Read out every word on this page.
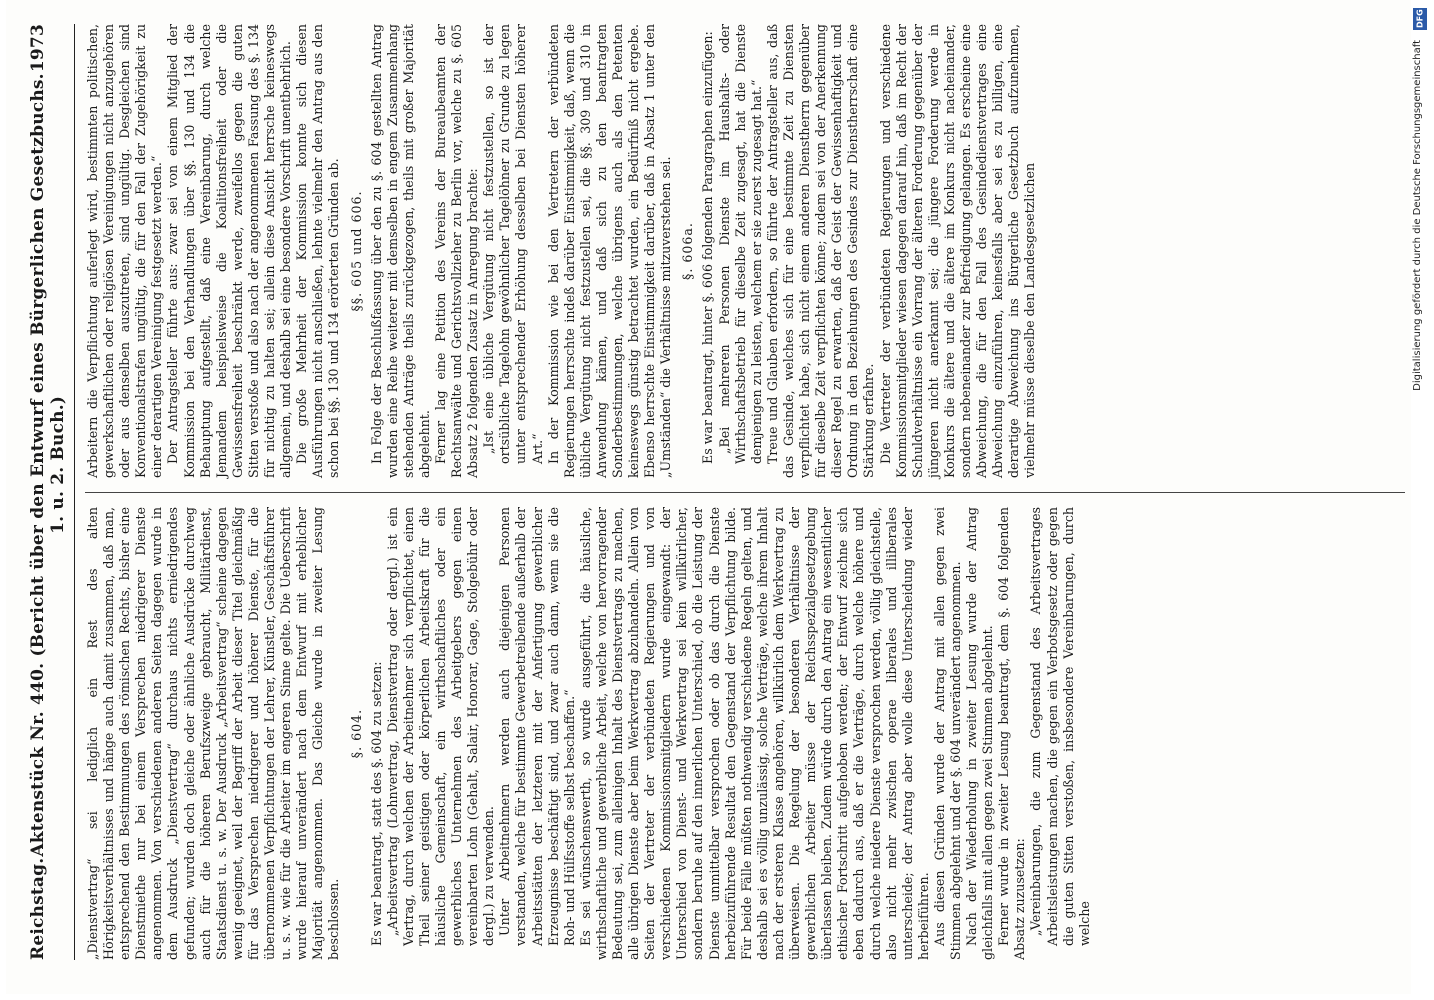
Reichstag.
Aktenstück Nr. 440. (Bericht über den Entwurf eines Bürgerlichen Gesetzbuchs. 1. u. 2. Buch.)
1973

„Dienstvertrag“ sei lediglich ein Rest des alten Hörigkeitsverhältnisses und hänge auch damit zusammen, daß man, entsprechend den Bestimmungen des römischen Rechts, bisher eine Dienstmiethe nur bei einem Versprechen niedrigerer Dienste angenommen. Von verschiedenen anderen Seiten dagegen wurde in dem Ausdruck „Dienstvertrag“ durchaus nichts erniedrigendes gefunden; wurden doch gleiche oder ähnliche Ausdrücke durchweg auch für die höheren Berufszweige gebraucht, Militärdienst, Staatsdienst u. s. w. Der Ausdruck „Arbeitsvertrag“ scheine dagegen wenig geeignet, weil der Begriff der Arbeit dieser Titel gleichmäßig für das Versprechen niedrigerer und höherer Dienste, für die übernommenen Verpflichtungen der Lehrer, Künstler, Geschäftsführer u. s. w. wie für die Arbeiter im engeren Sinne gelte. Die Ueberschrift wurde hierauf unverändert nach dem Entwurf mit erheblicher Majorität angenommen. Das Gleiche wurde in zweiter Lesung beschlossen.

§. 604. Es war beantragt, statt des §. 604 zu setzen: „Arbeitsvertrag (Lohnvertrag, Dienstvertrag oder dergl.) ist ein Vertrag, durch welchen der Arbeitnehmer sich verpflichtet, einen Theil seiner geistigen oder körperlichen Arbeitskraft für die häusliche Gemeinschaft, ein wirthschaftliches oder ein gewerbliches Unternehmen des Arbeitgebers gegen einen vereinbarten Lohn (Gehalt, Salair, Honorar, Gage, Stolgebühr oder dergl.) zu verwenden. Unter Arbeitnehmern werden auch diejenigen Personen verstanden, welche für bestimmte Gewerbetreibende außerhalb der Arbeitsstätten der letzteren mit der Anfertigung gewerblicher Erzeugnisse beschäftigt sind, und zwar auch dann, wenn sie die Roh- und Hülfsstoffe selbst beschaffen.“ Es sei wünschenswerth, so wurde ausgeführt, die häusliche, wirthschaftliche und gewerbliche Arbeit, welche von hervorragender Bedeutung sei, zum alleinigen Inhalt des Dienstvertrags zu machen, alle übrigen Dienste aber beim Werkvertrag abzuhandeln. Allein von Seiten der Vertreter der verbündeten Regierungen und von verschiedenen Kommissionsmitgliedern wurde eingewandt: der Unterschied von Dienst- und Werkvertrag sei kein willkürlicher, sondern beruhe auf den innerlichen Unterschied, ob die Leistung der Dienste unmittelbar versprochen oder ob das durch die Dienste herbeizuführende Resultat den Gegenstand der Verpflichtung bilde. Für beide Fälle müßten nothwendig verschiedene Regeln gelten, und deshalb sei es völlig unzulässig, solche Verträge, welche ihrem Inhalt nach der ersteren Klasse angehören, willkürlich dem Werkvertrag zu überweisen. Die Regelung der besonderen Verhältnisse der gewerblichen Arbeiter müsse der Reichsspezialgesetzgebung überlassen bleiben. Zudem würde durch den Antrag ein wesentlicher ethischer Fortschritt aufgehoben werden; der Entwurf zeichne sich eben dadurch aus, daß er die Verträge, durch welche höhere und durch welche niedere Dienste versprochen werden, völlig gleichstelle, also nicht mehr zwischen operae liberales und illiberales unterscheide; der Antrag aber wolle diese Unterscheidung wieder herbeiführen. Aus diesen Gründen wurde der Antrag mit allen gegen zwei Stimmen abgelehnt und der §. 604 unverändert angenommen. Nach der Wiederholung in zweiter Lesung wurde der Antrag gleichfalls mit allen gegen zwei Stimmen abgelehnt. Ferner wurde in zweiter Lesung beantragt, dem §. 604 folgenden Absatz zuzusetzen: „Vereinbarungen, die zum Gegenstand des Arbeitsvertrages Arbeitsleistungen machen, die gegen ein Verbotsgesetz oder gegen die guten Sitten verstoßen, insbesondere Vereinbarungen, durch welche

Arbeitern die Verpflichtung auferlegt wird, bestimmten politischen, gewerkschaftlichen oder religiösen Vereinigungen nicht anzugehören oder aus denselben auszutreten, sind ungültig. Desgleichen sind Konventionalstrafen ungültig, die für den Fall der Zugehörigkeit zu einer derartigen Vereinigung festgesetzt werden.“ Der Antragsteller führte aus: zwar sei von einem Mitglied der Kommission bei den Verhandlungen über §§. 130 und 134 die Behauptung aufgestellt, daß eine Vereinbarung, durch welche Jemandem beispielsweise die Koalitionsfreiheit oder die Gewissensfreiheit beschränkt werde, zweifellos gegen die guten Sitten verstoße und also nach der angenommenen Fassung des §. 134 für nichtig zu halten sei; allein diese Ansicht herrsche keineswegs allgemein, und deshalb sei eine besondere Vorschrift unentbehrlich. Die große Mehrheit der Kommission konnte sich diesen Ausführungen nicht anschließen, lehnte vielmehr den Antrag aus den schon bei §§. 130 und 134 erörterten Gründen ab. §§. 605 und 606. In Folge der Beschlußfassung über den zu §. 604 gestellten Antrag wurden eine Reihe weiterer mit demselben in engem Zusammenhang stehenden Anträge theils zurückgezogen, theils mit großer Majorität abgelehnt. Ferner lag eine Petition des Vereins der Bureaubeamten der Rechtsanwälte und Gerichtsvollzieher zu Berlin vor, welche zu §. 605 Absatz 2 folgenden Zusatz in Anregung brachte: „Ist eine übliche Vergütung nicht festzustellen, so ist der ortsübliche Tagelohn gewöhnlicher Tagelöhner zu Grunde zu legen unter entsprechender Erhöhung desselben bei Diensten höherer Art.“ In der Kommission wie bei den Vertretern der verbündeten Regierungen herrschte indeß darüber Einstimmigkeit, daß, wenn die übliche Vergütung nicht festzustellen sei, die §§. 309 und 310 in Anwendung kämen, und daß sich zu den beantragten Sonderbestimmungen, welche übrigens auch als den Petenten keineswegs günstig betrachtet wurden, ein Bedürfniß nicht ergebe. Ebenso herrschte Einstimmigkeit darüber, daß in Absatz 1 unter den „Umständen“ die Verhältnisse mitzuverstehen sei. §. 606a. Es war beantragt, hinter §. 606 folgenden Paragraphen einzufügen: „Bei mehreren Personen Dienste im Haushalts- oder Wirthschaftsbetrieb für dieselbe Zeit zugesagt, hat die Dienste demjenigen zu leisten, welchem er sie zuerst zugesagt hat.“ Treue und Glauben erfordern, so führte der Antragsteller aus, daß das Gesinde, welches sich für eine bestimmte Zeit zu Diensten verpflichtet habe, sich nicht einem anderen Dienstherrn gegenüber für dieselbe Zeit verpflichten könne; zudem sei von der Anerkennung dieser Regel zu erwarten, daß der Geist der Gewissenhaftigkeit und Ordnung in den Beziehungen des Gesindes zur Dienstherrschaft eine Stärkung erfahre. Die Vertreter der verbündeten Regierungen und verschiedene Kommissionsmitglieder wiesen dagegen darauf hin, daß im Recht der Schuldverhältnisse ein Vorrang der älteren Forderung gegenüber der jüngeren nicht anerkannt sei; die jüngere Forderung werde in Konkurs die ältere und die ältere im Konkurs nicht nacheinander, sondern nebeneinander zur Befriedigung gelangen. Es erscheine eine Abweichung, die für den Fall des Gesindedienstvertrages eine Abweichung einzuführen, keinesfalls aber sei es zu billigen, eine derartige Abweichung ins Bürgerliche Gesetzbuch aufzunehmen, vielmehr müsse dieselbe den Landesgesetzlichen

DFG
Digitalisierung gefördert durch die Deutsche Forschungsgemeinschaft
